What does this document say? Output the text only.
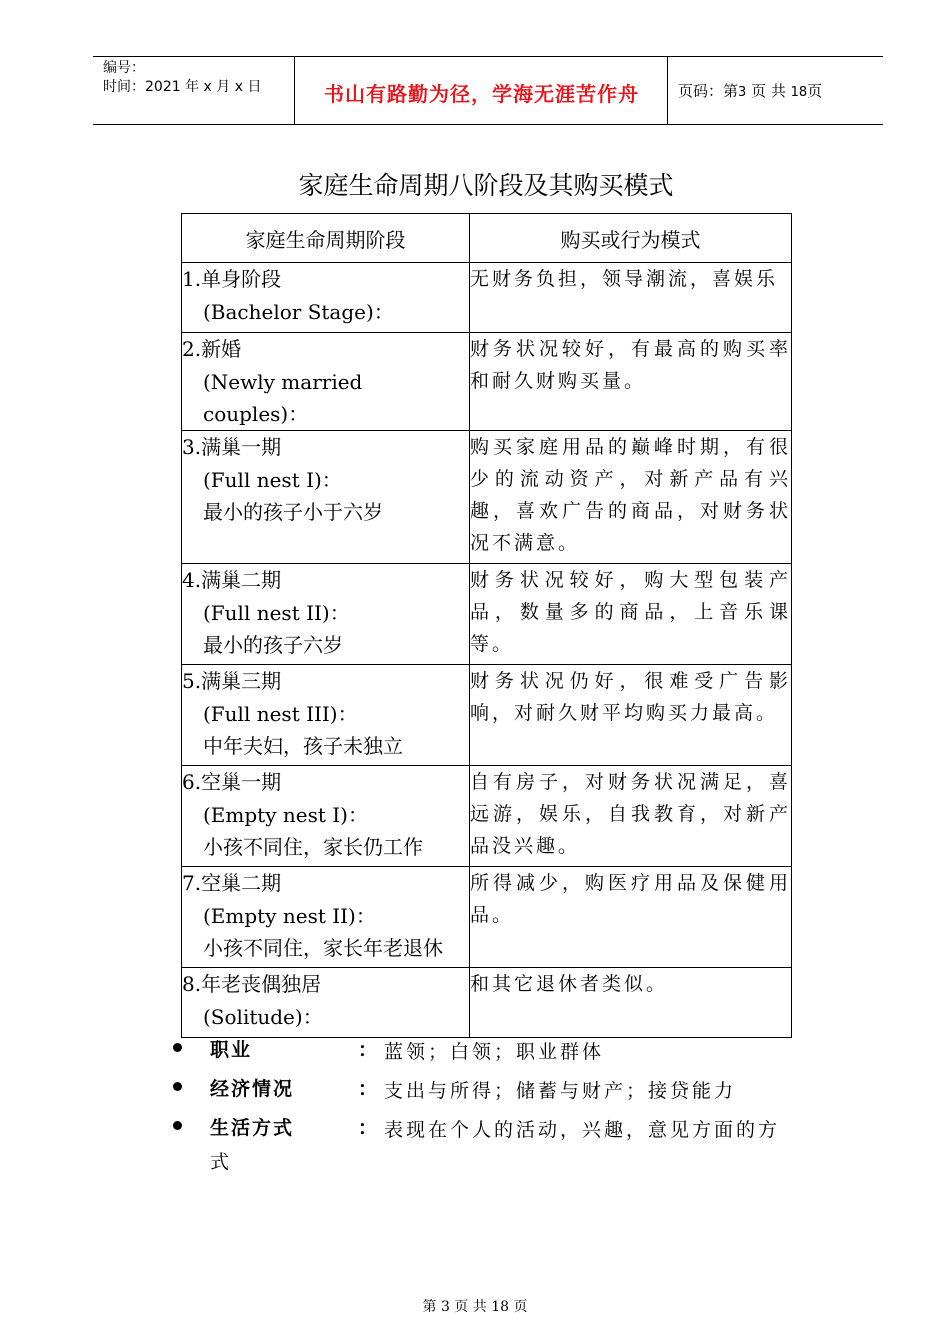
编号：
时间：2021 年 x 月 x 日	书山有路勤为径，学海无涯苦作舟	页码：第3 页 共 18页
家庭生命周期八阶段及其购买模式
家庭生命周期阶段	购买或行为模式
1.单身阶段
(Bachelor Stage)：	无财务负担，领导潮流，喜娱乐
2.新婚
(Newly married couples)：	财务状况较好，有最高的购买率和耐久财购买量。
3.满巢一期
(Full nest I)：
最小的孩子小于六岁	购买家庭用品的巅峰时期，有很少的流动资产，对新产品有兴趣，喜欢广告的商品，对财务状况不满意。
4.满巢二期
(Full nest II)：
最小的孩子六岁	财务状况较好，购大型包装产品，数量多的商品，上音乐课等。
5.满巢三期
(Full nest III)：
中年夫妇，孩子未独立	财务状况仍好，很难受广告影响，对耐久财平均购买力最高。
6.空巢一期
(Empty nest I)：
小孩不同住，家长仍工作	自有房子，对财务状况满足，喜远游，娱乐，自我教育，对新产品没兴趣。
7.空巢二期
(Empty nest II)：
小孩不同住，家长年老退休	所得减少，购医疗用品及保健用品。
8.年老丧偶独居
(Solitude)：	和其它退休者类似。
职业	： 蓝领；白领；职业群体
经济情况	： 支出与所得；储蓄与财产；接贷能力
生活方式	： 表现在个人的活动，兴趣，意见方面的方
式
第 3 页 共 18 页
